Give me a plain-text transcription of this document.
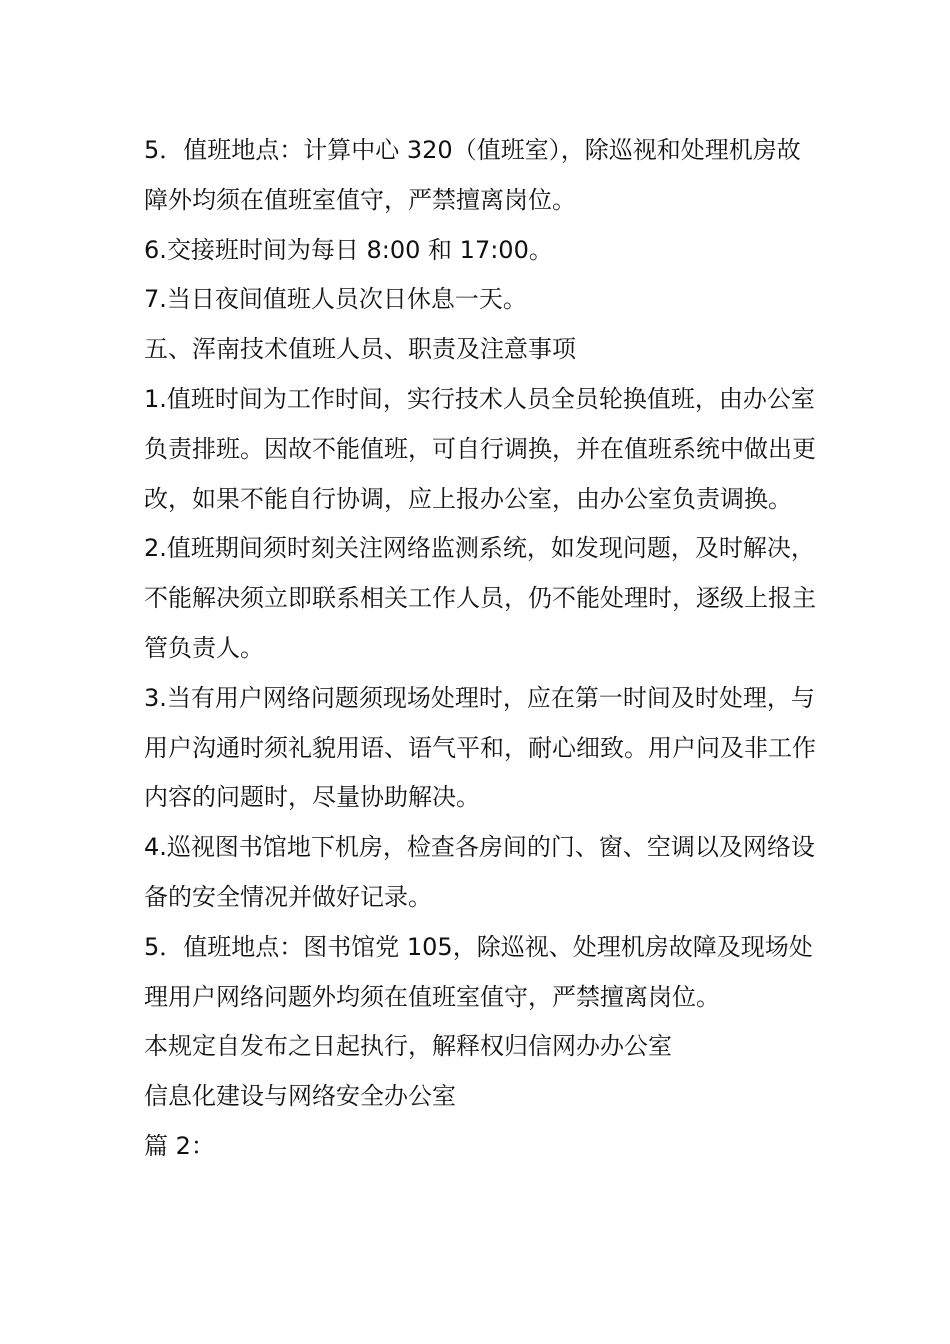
5．值班地点：计算中心 320（值班室），除巡视和处理机房故障外均须在值班室值守，严禁擅离岗位。

6.交接班时间为每日 8:00 和 17:00。

7.当日夜间值班人员次日休息一天。

五、浑南技术值班人员、职责及注意事项

1.值班时间为工作时间，实行技术人员全员轮换值班，由办公室负责排班。因故不能值班，可自行调换，并在值班系统中做出更改，如果不能自行协调，应上报办公室，由办公室负责调换。

2.值班期间须时刻关注网络监测系统，如发现问题，及时解决，不能解决须立即联系相关工作人员，仍不能处理时，逐级上报主管负责人。

3.当有用户网络问题须现场处理时，应在第一时间及时处理，与用户沟通时须礼貌用语、语气平和，耐心细致。用户问及非工作内容的问题时，尽量协助解决。

4.巡视图书馆地下机房，检查各房间的门、窗、空调以及网络设备的安全情况并做好记录。

5．值班地点：图书馆党 105，除巡视、处理机房故障及现场处理用户网络问题外均须在值班室值守，严禁擅离岗位。

本规定自发布之日起执行，解释权归信网办办公室

信息化建设与网络安全办公室

篇 2：
